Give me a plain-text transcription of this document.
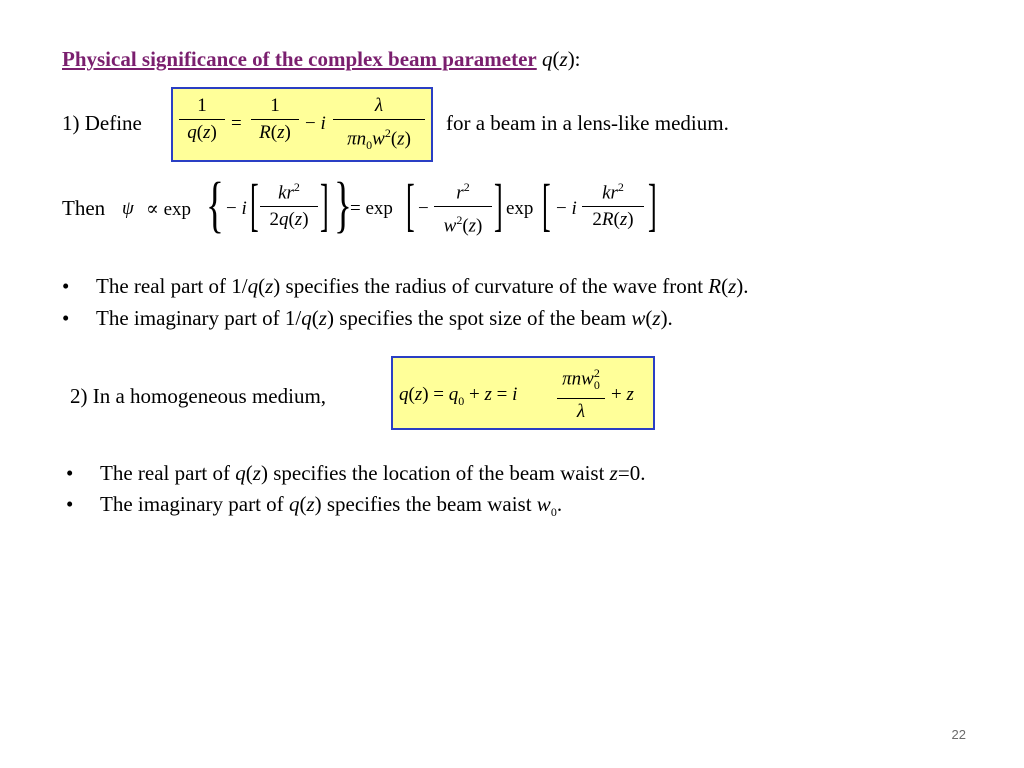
Physical significance of the complex beam parameter q(z):
1) Define
1
q(z) =
1
R(z) − i
λ
$\pi n_0w^2(z)$
for a beam in a lens-like medium.
Then ψ ∝ exp { − i [	$kr^2$
2q(z) ] }
= exp [ −
$r^2$
$w^2(z)$ ] exp [ − i
$kr^2$
2R(z) ]
• The real part of 1/q(z) specifies the radius of curvature of the wave front R(z).
• The imaginary part of 1/q(z) specifies the spot size of the beam w(z).
2) In a homogeneous medium,	$q(z) = q_0 + z = i$
πnw$^2_0$
λ
+ z
• The real part of q(z) specifies the location of the beam waist z=0.
• The imaginary part of q(z) specifies the beam waist $w_0$.
22
